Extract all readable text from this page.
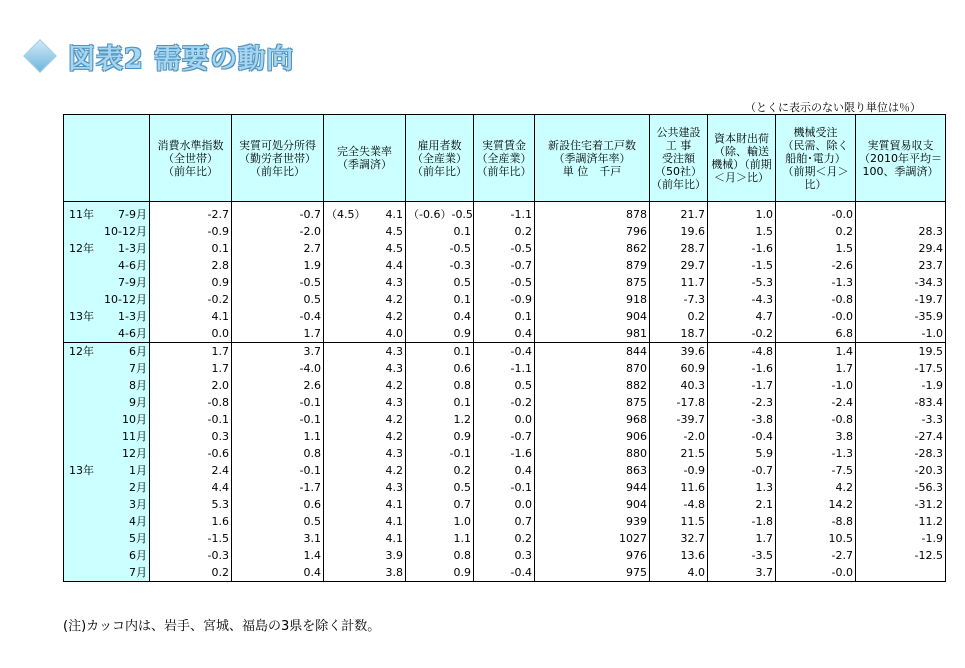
図表2 需要の動向
（とくに表示のない限り単位は％）
	消費水準指数
（全世帯）
（前年比）	実質可処分所得
（勤労者世帯）
（前年比）	完全失業率
（季調済）	雇用者数
（全産業）
（前年比）	実質賃金
（全産業）
（前年比）	新設住宅着工戸数
（季調済年率）
単 位　千戸	公共建設
工 事
受注額
（50社）
（前年比）	資本財出荷
（除、輸送
機械）（前期
＜月＞比）	機械受注
（民需、除く
船舶･電力）
（前期＜月＞
比）	実質貿易収支
（2010年平均＝
100、季調済）
11年 7-9月	-2.7	-0.7	（4.5） 4.1	（-0.6） -0.5	-1.1	878	21.7	1.0	-0.0	
10-12月	-0.9	-2.0	4.5	0.1	0.2	796	19.6	1.5	0.2	28.3
12年 1-3月	0.1	2.7	4.5	-0.5	-0.5	862	28.7	-1.6	1.5	29.4
4-6月	2.8	1.9	4.4	-0.3	-0.7	879	29.7	-1.5	-2.6	23.7
7-9月	0.9	-0.5	4.3	0.5	-0.5	875	11.7	-5.3	-1.3	-34.3
10-12月	-0.2	0.5	4.2	0.1	-0.9	918	-7.3	-4.3	-0.8	-19.7
13年 1-3月	4.1	-0.4	4.2	0.4	0.1	904	0.2	4.7	-0.0	-35.9
4-6月	0.0	1.7	4.0	0.9	0.4	981	18.7	-0.2	6.8	-1.0
12年 6月	1.7	3.7	4.3	0.1	-0.4	844	39.6	-4.8	1.4	19.5
7月	1.7	-4.0	4.3	0.6	-1.1	870	60.9	-1.6	1.7	-17.5
8月	2.0	2.6	4.2	0.8	0.5	882	40.3	-1.7	-1.0	-1.9
9月	-0.8	-0.1	4.3	0.1	-0.2	875	-17.8	-2.3	-2.4	-83.4
10月	-0.1	-0.1	4.2	1.2	0.0	968	-39.7	-3.8	-0.8	-3.3
11月	0.3	1.1	4.2	0.9	-0.7	906	-2.0	-0.4	3.8	-27.4
12月	-0.6	0.8	4.3	-0.1	-1.6	880	21.5	5.9	-1.3	-28.3
13年 1月	2.4	-0.1	4.2	0.2	0.4	863	-0.9	-0.7	-7.5	-20.3
2月	4.4	-1.7	4.3	0.5	-0.1	944	11.6	1.3	4.2	-56.3
3月	5.3	0.6	4.1	0.7	0.0	904	-4.8	2.1	14.2	-31.2
4月	1.6	0.5	4.1	1.0	0.7	939	11.5	-1.8	-8.8	11.2
5月	-1.5	3.1	4.1	1.1	0.2	1027	32.7	1.7	10.5	-1.9
6月	-0.3	1.4	3.9	0.8	0.3	976	13.6	-3.5	-2.7	-12.5
7月	0.2	0.4	3.8	0.9	-0.4	975	4.0	3.7	-0.0	
(注)カッコ内は、岩手、宮城、福島の3県を除く計数。
